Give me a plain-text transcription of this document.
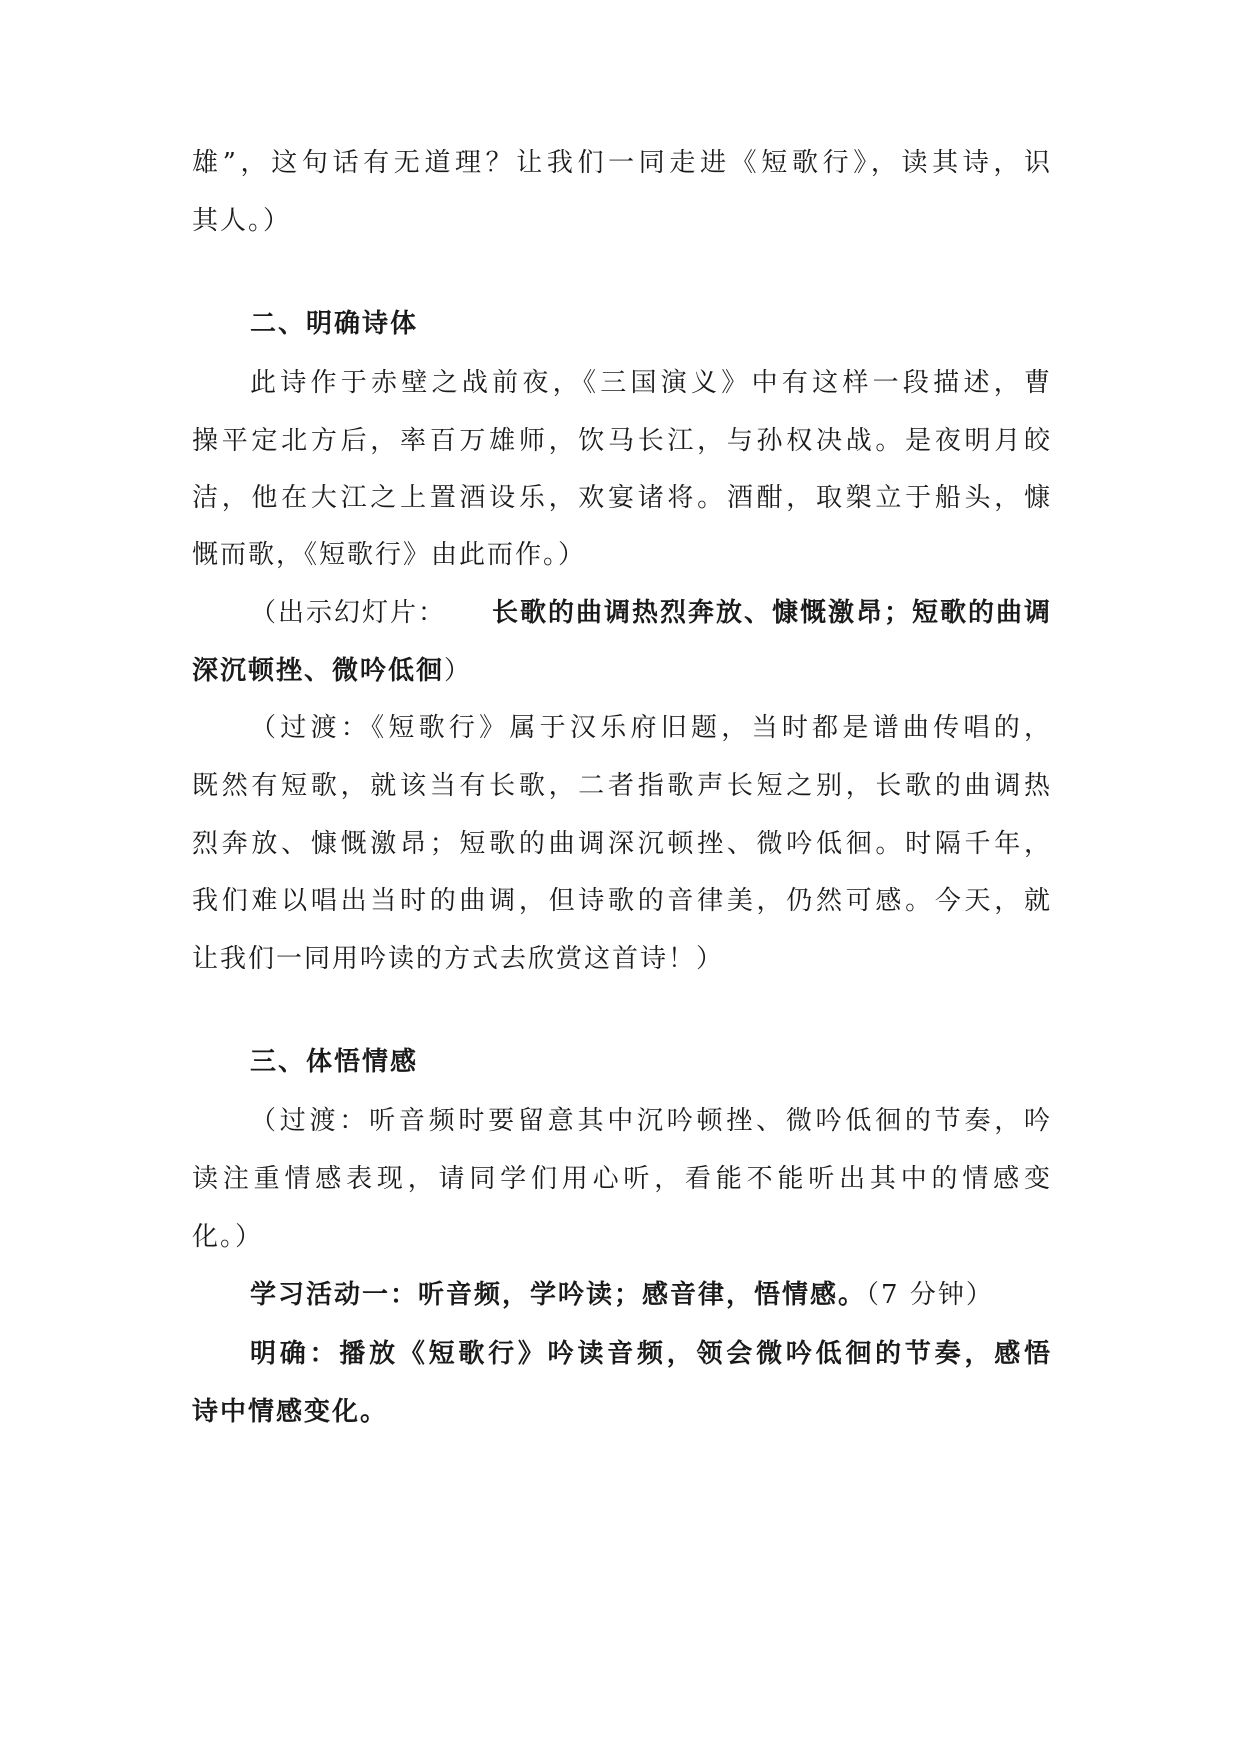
雄”，这句话有无道理？让我们一同走进《短歌行》，读其诗，识
其人。）
二、明确诗体
此诗作于赤壁之战前夜，《三国演义》中有这样一段描述，曹
操平定北方后，率百万雄师，饮马长江，与孙权决战。是夜明月皎
洁，他在大江之上置酒设乐，欢宴诸将。酒酣，取槊立于船头，慷
慨而歌，《短歌行》由此而作。）
（出示幻灯片： 长歌的曲调热烈奔放、慷慨激昂；短歌的曲调
深沉顿挫、微吟低徊）
（过渡：《短歌行》属于汉乐府旧题，当时都是谱曲传唱的，
既然有短歌，就该当有长歌，二者指歌声长短之别，长歌的曲调热
烈奔放、慷慨激昂；短歌的曲调深沉顿挫、微吟低徊。时隔千年，
我们难以唱出当时的曲调，但诗歌的音律美，仍然可感。今天，就
让我们一同用吟读的方式去欣赏这首诗！）
三、体悟情感
（过渡：听音频时要留意其中沉吟顿挫、微吟低徊的节奏，吟
读注重情感表现，请同学们用心听，看能不能听出其中的情感变
化。）
学习活动一：听音频，学吟读；感音律，悟情感。（7 分钟）
明确：播放《短歌行》吟读音频，领会微吟低徊的节奏，感悟
诗中情感变化。
